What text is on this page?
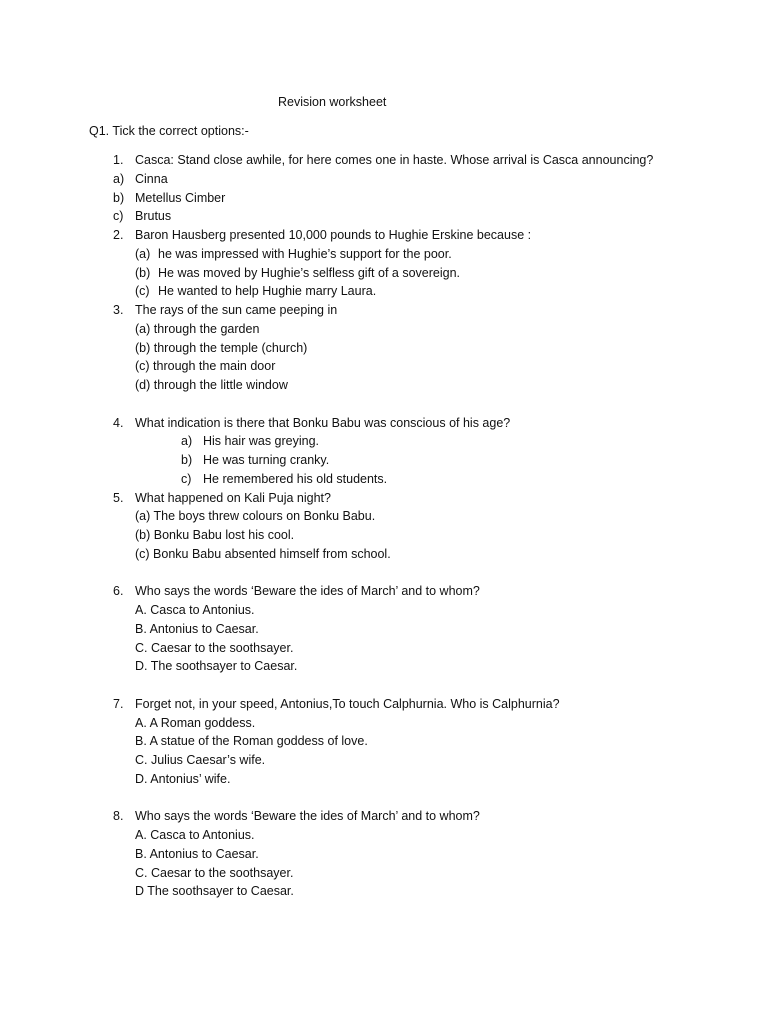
Revision worksheet
Q1. Tick the correct options:-
1. Casca: Stand close awhile, for here comes one in haste. Whose arrival is Casca announcing?
a) Cinna
b) Metellus Cimber
c) Brutus
2. Baron Hausberg presented 10,000 pounds to Hughie Erskine because :
(a) he was impressed with Hughie’s support for the poor.
(b) He was moved by Hughie’s selfless gift of a sovereign.
(c) He wanted to help Hughie marry Laura.
3. The rays of the sun came peeping in
(a) through the garden
(b) through the temple (church)
(c) through the main door
(d) through the little window
4. What indication is there that Bonku Babu was conscious of his age?
a) His hair was greying.
b) He was turning cranky.
c) He remembered his old students.
5. What happened on Kali Puja night?
(a) The boys threw colours on Bonku Babu.
(b) Bonku Babu lost his cool.
(c) Bonku Babu absented himself from school.
6. Who says the words ‘Beware the ides of March’ and to whom?
A. Casca to Antonius.
B. Antonius to Caesar.
C. Caesar to the soothsayer.
D. The soothsayer to Caesar.
7. Forget not, in your speed, Antonius,To touch Calphurnia. Who is Calphurnia?
A. A Roman goddess.
B. A statue of the Roman goddess of love.
C. Julius Caesar’s wife.
D. Antonius’ wife.
8. Who says the words ‘Beware the ides of March’ and to whom?
A. Casca to Antonius.
B. Antonius to Caesar.
C. Caesar to the soothsayer.
D The soothsayer to Caesar.
